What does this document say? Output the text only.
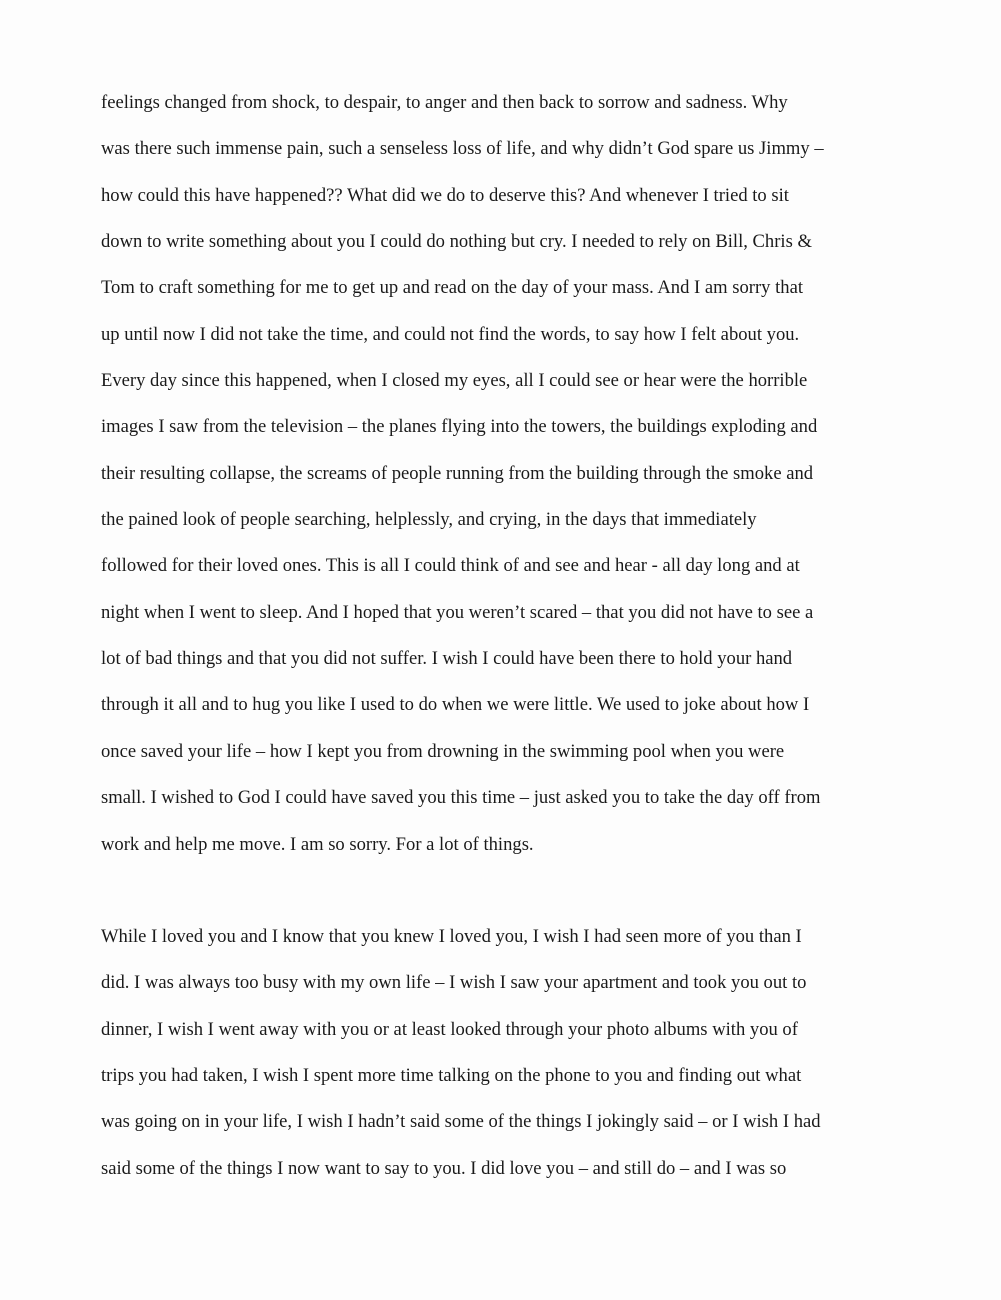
feelings changed from shock, to despair, to anger and then back to sorrow and sadness. Why
was there such immense pain, such a senseless loss of life, and why didn’t God spare us Jimmy –
how could this have happened?? What did we do to deserve this? And whenever I tried to sit
down to write something about you I could do nothing but cry. I needed to rely on Bill, Chris &
Tom to craft something for me to get up and read on the day of your mass. And I am sorry that
up until now I did not take the time, and could not find the words, to say how I felt about you.
Every day since this happened, when I closed my eyes, all I could see or hear were the horrible
images I saw from the television – the planes flying into the towers, the buildings exploding and
their resulting collapse, the screams of people running from the building through the smoke and
the pained look of people searching, helplessly, and crying, in the days that immediately
followed for their loved ones. This is all I could think of and see and hear - all day long and at
night when I went to sleep. And I hoped that you weren’t scared – that you did not have to see a
lot of bad things and that you did not suffer. I wish I could have been there to hold your hand
through it all and to hug you like I used to do when we were little. We used to joke about how I
once saved your life – how I kept you from drowning in the swimming pool when you were
small. I wished to God I could have saved you this time – just asked you to take the day off from
work and help me move. I am so sorry. For a lot of things.
While I loved you and I know that you knew I loved you, I wish I had seen more of you than I
did. I was always too busy with my own life – I wish I saw your apartment and took you out to
dinner, I wish I went away with you or at least looked through your photo albums with you of
trips you had taken, I wish I spent more time talking on the phone to you and finding out what
was going on in your life, I wish I hadn’t said some of the things I jokingly said – or I wish I had
said some of the things I now want to say to you. I did love you – and still do – and I was so
